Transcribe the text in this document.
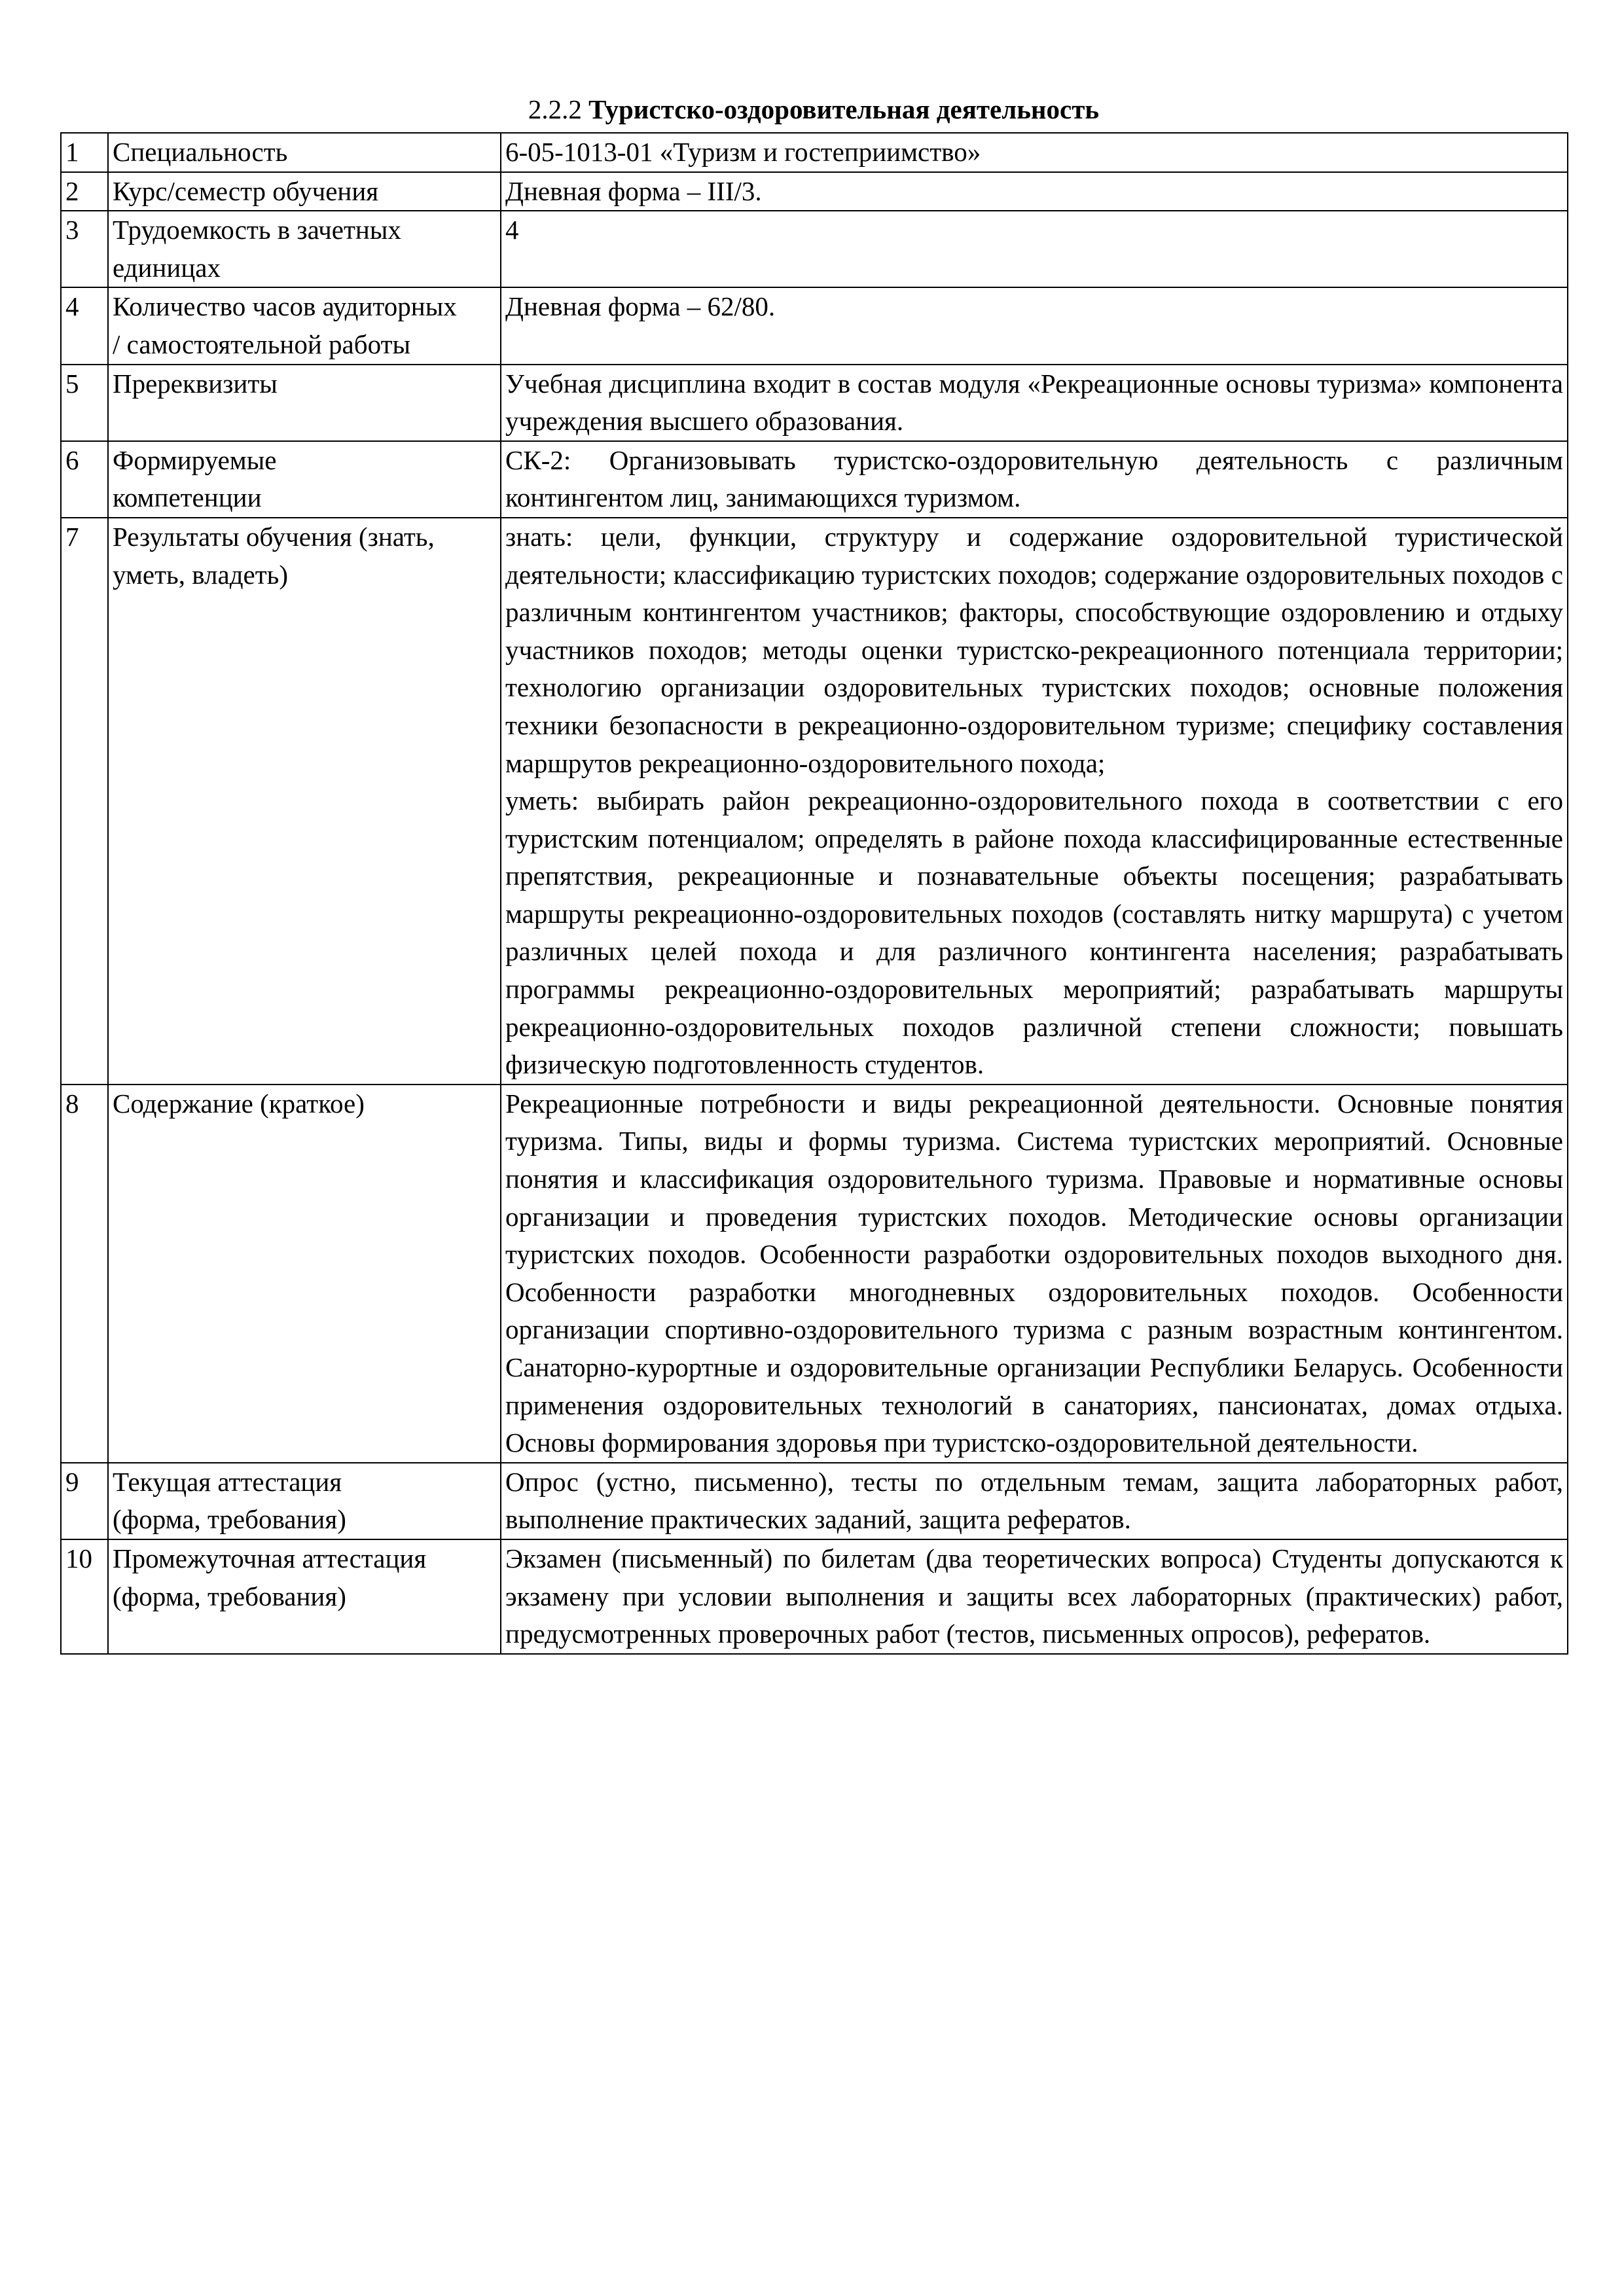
2.2.2 Туристско-оздоровительная деятельность

1	Специальность	6-05-1013-01 «Туризм и гостеприимство»
2	Курс/семестр обучения	Дневная форма – III/3.
3	Трудоемкость в зачетных единицах	4
4	Количество часов аудиторных / самостоятельной работы	Дневная форма – 62/80.
5	Пререквизиты	Учебная дисциплина входит в состав модуля «Рекреационные основы туризма» компонента учреждения высшего образования.
6	Формируемые компетенции	СК-2: Организовывать туристско-оздоровительную деятельность с различным контингентом лиц, занимающихся туризмом.
7	Результаты обучения (знать, уметь, владеть)	знать: цели, функции, структуру и содержание оздоровительной туристической деятельности; классификацию туристских походов; содержание оздоровительных походов с различным контингентом участников; факторы, способствующие оздоровлению и отдыху участников походов; методы оценки туристско-рекреационного потенциала территории; технологию организации оздоровительных туристских походов; основные положения техники безопасности в рекреационно-оздоровительном туризме; специфику составления маршрутов рекреационно-оздоровительного похода;
уметь: выбирать район рекреационно-оздоровительного похода в соответствии с его туристским потенциалом; определять в районе похода классифицированные естественные препятствия, рекреационные и познавательные объекты посещения; разрабатывать маршруты рекреационно-оздоровительных походов (составлять нитку маршрута) с учетом различных целей похода и для различного контингента населения; разрабатывать программы рекреационно-оздоровительных мероприятий; разрабатывать маршруты рекреационно-оздоровительных походов различной степени сложности; повышать физическую подготовленность студентов.

8	Содержание (краткое)	Рекреационные потребности и виды рекреационной деятельности. Основные понятия туризма. Типы, виды и формы туризма. Система туристских мероприятий. Основные понятия и классификация оздоровительного туризма. Правовые и нормативные основы организации и проведения туристских походов. Методические основы организации туристских походов. Особенности разработки оздоровительных походов выходного дня. Особенности разработки многодневных оздоровительных походов. Особенности организации спортивно-оздоровительного туризма с разным возрастным контингентом. Санаторно-курортные и оздоровительные организации Республики Беларусь. Особенности применения оздоровительных технологий в санаториях, пансионатах, домах отдыха. Основы формирования здоровья при туристско-оздоровительной деятельности.
9	Текущая аттестация (форма, требования)	Опрос (устно, письменно), тесты по отдельным темам, защита лабораторных работ, выполнение практических заданий, защита рефератов.
10	Промежуточная аттестация (форма, требования)	Экзамен (письменный) по билетам (два теоретических вопроса) Студенты допускаются к экзамену при условии выполнения и защиты всех лабораторных (практических) работ, предусмотренных проверочных работ (тестов, письменных опросов), рефератов.
